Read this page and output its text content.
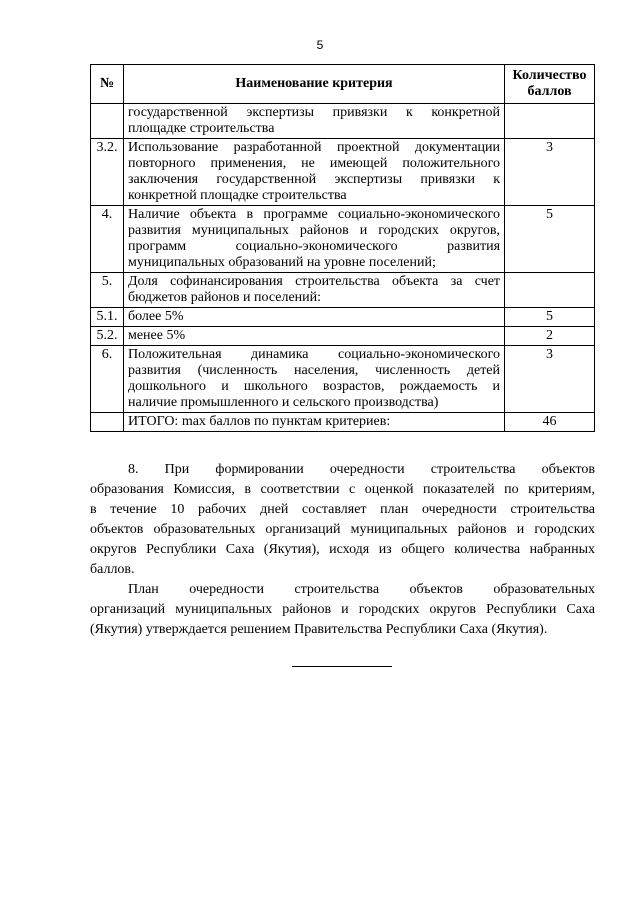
5
№	Наименование критерия	Количество баллов

	государственной экспертизы привязки к конкретной
площадке строительства	

3.2.	Использование разработанной проектной документации
повторного применения, не имеющей положительного
заключения государственной экспертизы привязки к
конкретной площадке строительства	3
4.	Наличие объекта в программе социально-экономического
развития муниципальных районов и городских округов,
программ социально-экономического развития
муниципальных образований на уровне поселений;	5
5.	Доля софинансирования строительства объекта за счет
бюджетов районов и поселений:	

5.1.	более 5%	5
5.2.	менее 5%	2
6.	Положительная динамика социально-экономического
развития (численность населения, численность детей
дошкольного и школьного возрастов, рождаемость и
наличие промышленного и сельского производства)	3

	ИТОГО: max баллов по пунктам критериев:	46
8. При формировании очередности строительства объектов
образования Комиссия, в соответствии с оценкой показателей по критериям,
в течение 10 рабочих дней составляет план очередности строительства
объектов образовательных организаций муниципальных районов и городских
округов Республики Саха (Якутия), исходя из общего количества набранных
баллов.
План очередности строительства объектов образовательных
организаций муниципальных районов и городских округов Республики Саха
(Якутия) утверждается решением Правительства Республики Саха (Якутия).
